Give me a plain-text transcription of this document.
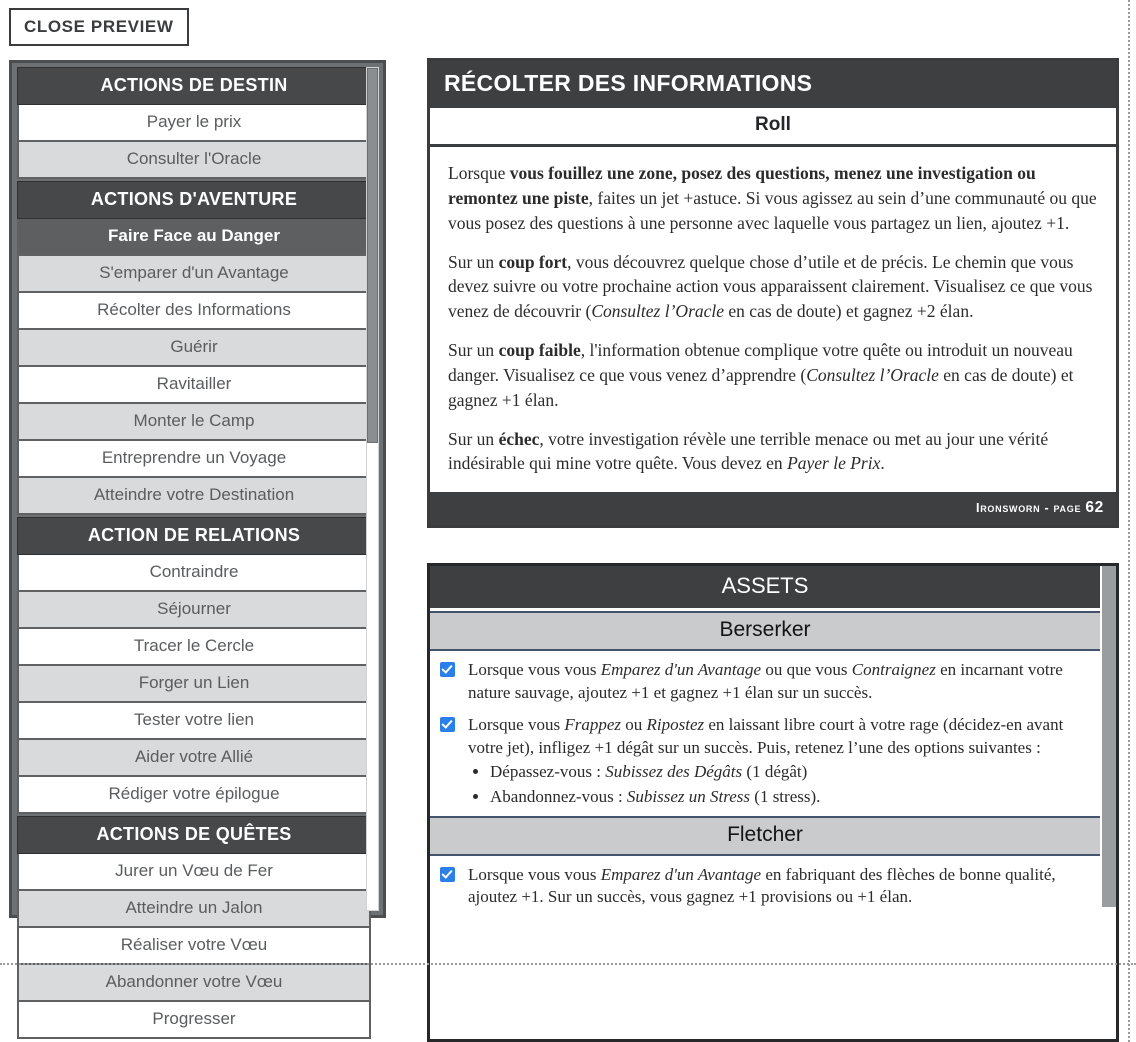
CLOSE PREVIEW
ACTIONS DE DESTIN
Payer le prix
Consulter l'Oracle
ACTIONS D'AVENTURE
Faire Face au Danger
S'emparer d'un Avantage
Récolter des Informations
Guérir
Ravitailler
Monter le Camp
Entreprendre un Voyage
Atteindre votre Destination
ACTION DE RELATIONS
Contraindre
Séjourner
Tracer le Cercle
Forger un Lien
Tester votre lien
Aider votre Allié
Rédiger votre épilogue
ACTIONS DE QUÊTES
Jurer un Vœu de Fer
Atteindre un Jalon
Réaliser votre Vœu
Abandonner votre Vœu
Progresser
RÉCOLTER DES INFORMATIONS
Roll

Lorsque vous fouillez une zone, posez des questions, menez une investigation ou remontez une piste, faites un jet +astuce. Si vous agissez au sein d’une communauté ou que vous posez des questions à une personne avec laquelle vous partagez un lien, ajoutez +1.

Sur un coup fort, vous découvrez quelque chose d’utile et de précis. Le chemin que vous devez suivre ou votre prochaine action vous apparaissent clairement. Visualisez ce que vous venez de découvrir (Consultez l’Oracle en cas de doute) et gagnez +2 élan.

Sur un coup faible, l'information obtenue complique votre quête ou introduit un nouveau danger. Visualisez ce que vous venez d’apprendre (Consultez l’Oracle en cas de doute) et gagnez +1 élan.

Sur un échec, votre investigation révèle une terrible menace ou met au jour une vérité indésirable qui mine votre quête. Vous devez en Payer le Prix.

Ironsworn - page 62
ASSETS
Berserker
Lorsque vous vous Emparez d'un Avantage ou que vous Contraignez en incarnant votre nature sauvage, ajoutez +1 et gagnez +1 élan sur un succès.
Lorsque vous Frappez ou Ripostez en laissant libre court à votre rage (décidez-en avant votre jet), infligez +1 dégât sur un succès. Puis, retenez l’une des options suivantes :
• Dépassez-vous : Subissez des Dégâts (1 dégât)
• Abandonnez-vous : Subissez un Stress (1 stress).
Fletcher
Lorsque vous vous Emparez d'un Avantage en fabriquant des flèches de bonne qualité, ajoutez +1. Sur un succès, vous gagnez +1 provisions ou +1 élan.
